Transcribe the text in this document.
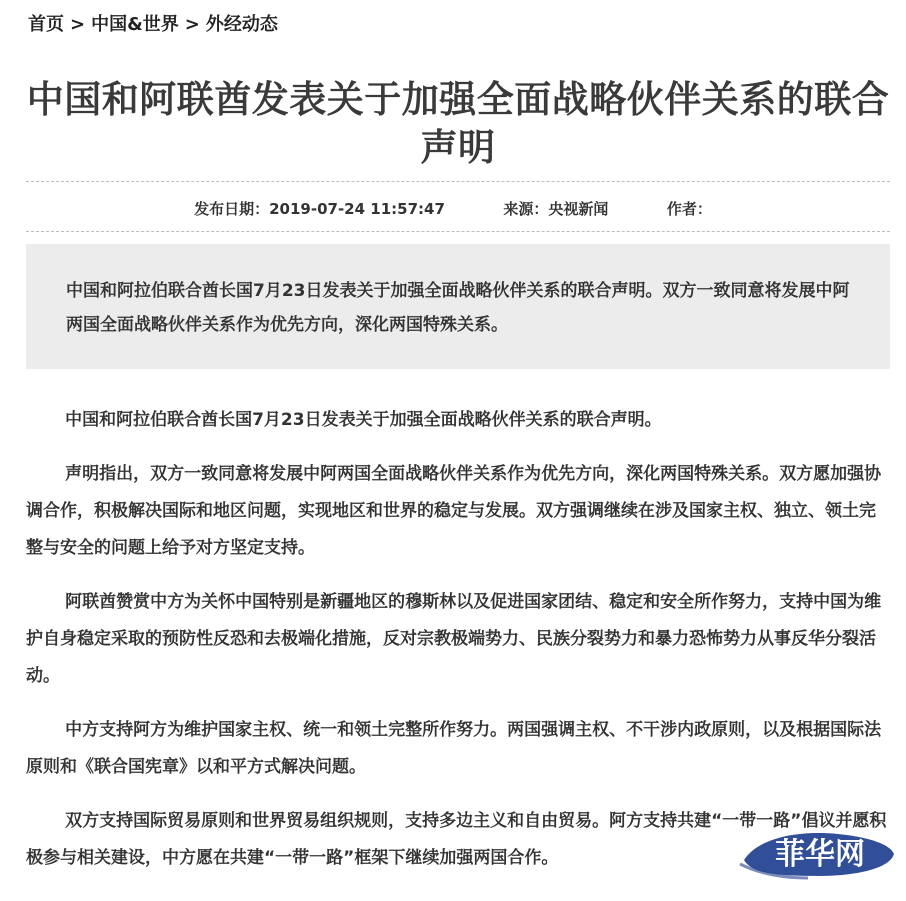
首页 > 中国&世界 > 外经动态
中国和阿联酋发表关于加强全面战略伙伴关系的联合声明
发布日期：2019-07-24 11:57:47	来源：央视新闻	作者：
中国和阿拉伯联合酋长国7月23日发表关于加强全面战略伙伴关系的联合声明。双方一致同意将发展中阿两国全面战略伙伴关系作为优先方向，深化两国特殊关系。

中国和阿拉伯联合酋长国7月23日发表关于加强全面战略伙伴关系的联合声明。

声明指出，双方一致同意将发展中阿两国全面战略伙伴关系作为优先方向，深化两国特殊关系。双方愿加强协调合作，积极解决国际和地区问题，实现地区和世界的稳定与发展。双方强调继续在涉及国家主权、独立、领土完整与安全的问题上给予对方坚定支持。

阿联酋赞赏中方为关怀中国特别是新疆地区的穆斯林以及促进国家团结、稳定和安全所作努力，支持中国为维护自身稳定采取的预防性反恐和去极端化措施，反对宗教极端势力、民族分裂势力和暴力恐怖势力从事反华分裂活动。

中方支持阿方为维护国家主权、统一和领土完整所作努力。两国强调主权、不干涉内政原则，以及根据国际法原则和《联合国宪章》以和平方式解决问题。

双方支持国际贸易原则和世界贸易组织规则，支持多边主义和自由贸易。阿方支持共建“一带一路”倡议并愿积极参与相关建设，中方愿在共建“一带一路”框架下继续加强两国合作。	菲华网
